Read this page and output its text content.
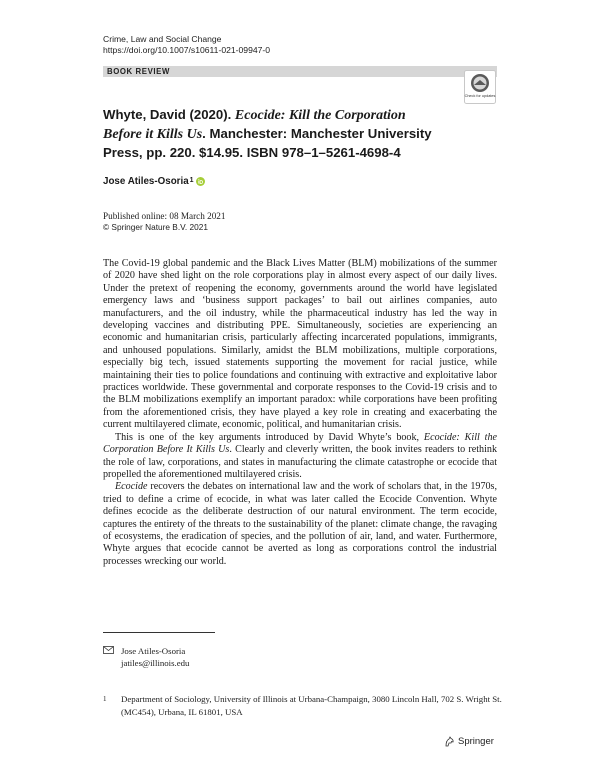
Crime, Law and Social Change
https://doi.org/10.1007/s10611-021-09947-0
BOOK REVIEW
Check for updates
Whyte, David (2020). Ecocide: Kill the Corporation Before it Kills Us. Manchester: Manchester University Press, pp. 220. $14.95. ISBN 978–1–5261-4698-4
Jose Atiles-Osoria$^1$
Published online: 08 March 2021
© Springer Nature B.V. 2021

The Covid-19 global pandemic and the Black Lives Matter (BLM) mobilizations of the summer of 2020 have shed light on the role corporations play in almost every aspect of our daily lives. Under the pretext of reopening the economy, governments around the world have legislated emergency laws and ‘business support packages’ to bail out airlines companies, auto manufacturers, and the oil industry, while the pharmaceutical industry has led the way in developing vaccines and distributing PPE. Simultaneously, societies are experiencing an economic and humanitarian crisis, particularly affecting incarcerated populations, immigrants, and unhoused populations. Similarly, amidst the BLM mobilizations, multiple corporations, especially big tech, issued statements supporting the movement for racial justice, while maintaining their ties to police foundations and continuing with extractive and exploitative labor practices worldwide. These governmental and corporate responses to the Covid-19 crisis and to the BLM mobilizations exemplify an important paradox: while corporations have been profiting from the aforementioned crisis, they have played a key role in creating and exacerbating the current multilayered climate, economic, political, and humanitarian crisis.

This is one of the key arguments introduced by David Whyte’s book, Ecocide: Kill the Corporation Before It Kills Us. Clearly and cleverly written, the book invites readers to rethink the role of law, corporations, and states in manufacturing the climate catastrophe or ecocide that propelled the aforementioned multilayered crisis.

Ecocide recovers the debates on international law and the work of scholars that, in the 1970s, tried to define a crime of ecocide, in what was later called the Ecocide Convention. Whyte defines ecocide as the deliberate destruction of our natural environment. The term ecocide, captures the entirety of the threats to the sustainability of the planet: climate change, the ravaging of ecosystems, the eradication of species, and the pollution of air, land, and water. Furthermore, Whyte argues that ecocide cannot be averted as long as corporations control the industrial processes wrecking our world.

Jose Atiles-Osoria
jatiles@illinois.edu
1	Department of Sociology, University of Illinois at Urbana-Champaign, 3080 Lincoln Hall, 702 S. Wright St. (MC454), Urbana, IL 61801, USA
Springer
